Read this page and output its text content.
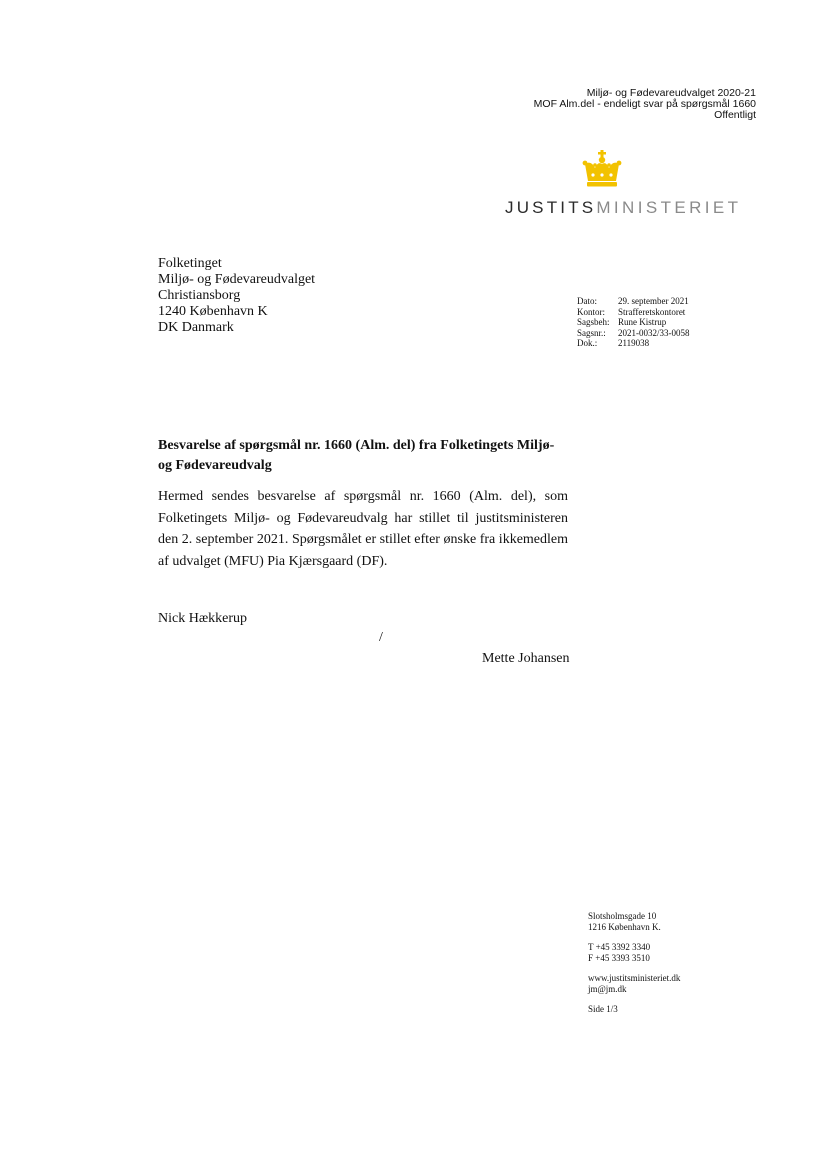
Miljø- og Fødevareudvalget 2020-21
MOF Alm.del - endeligt svar på spørgsmål 1660
Offentligt
JUSTITSMINISTERIET
Folketinget
Miljø- og Fødevareudvalget
Christiansborg
1240 København K
DK Danmark
Dato:	29. september 2021
Kontor:	Strafferetskontoret
Sagsbeh: Rune Kistrup
Sagsnr.:	2021-0032/33-0058
Dok.:	2119038
Besvarelse af spørgsmål nr. 1660 (Alm. del) fra Folketingets Miljø- og Fødevareudvalg
Hermed sendes besvarelse af spørgsmål nr. 1660 (Alm. del), som Folketingets Miljø- og Fødevareudvalg har stillet til justitsministeren den 2. september 2021. Spørgsmålet er stillet efter ønske fra ikkemedlem af udvalget (MFU) Pia Kjærsgaard (DF).
Nick Hækkerup
/
Mette Johansen
Slotsholmsgade 10
1216 København K.
T +45 3392 3340
F +45 3393 3510
www.justitsministeriet.dk
jm@jm.dk
Side 1/3
